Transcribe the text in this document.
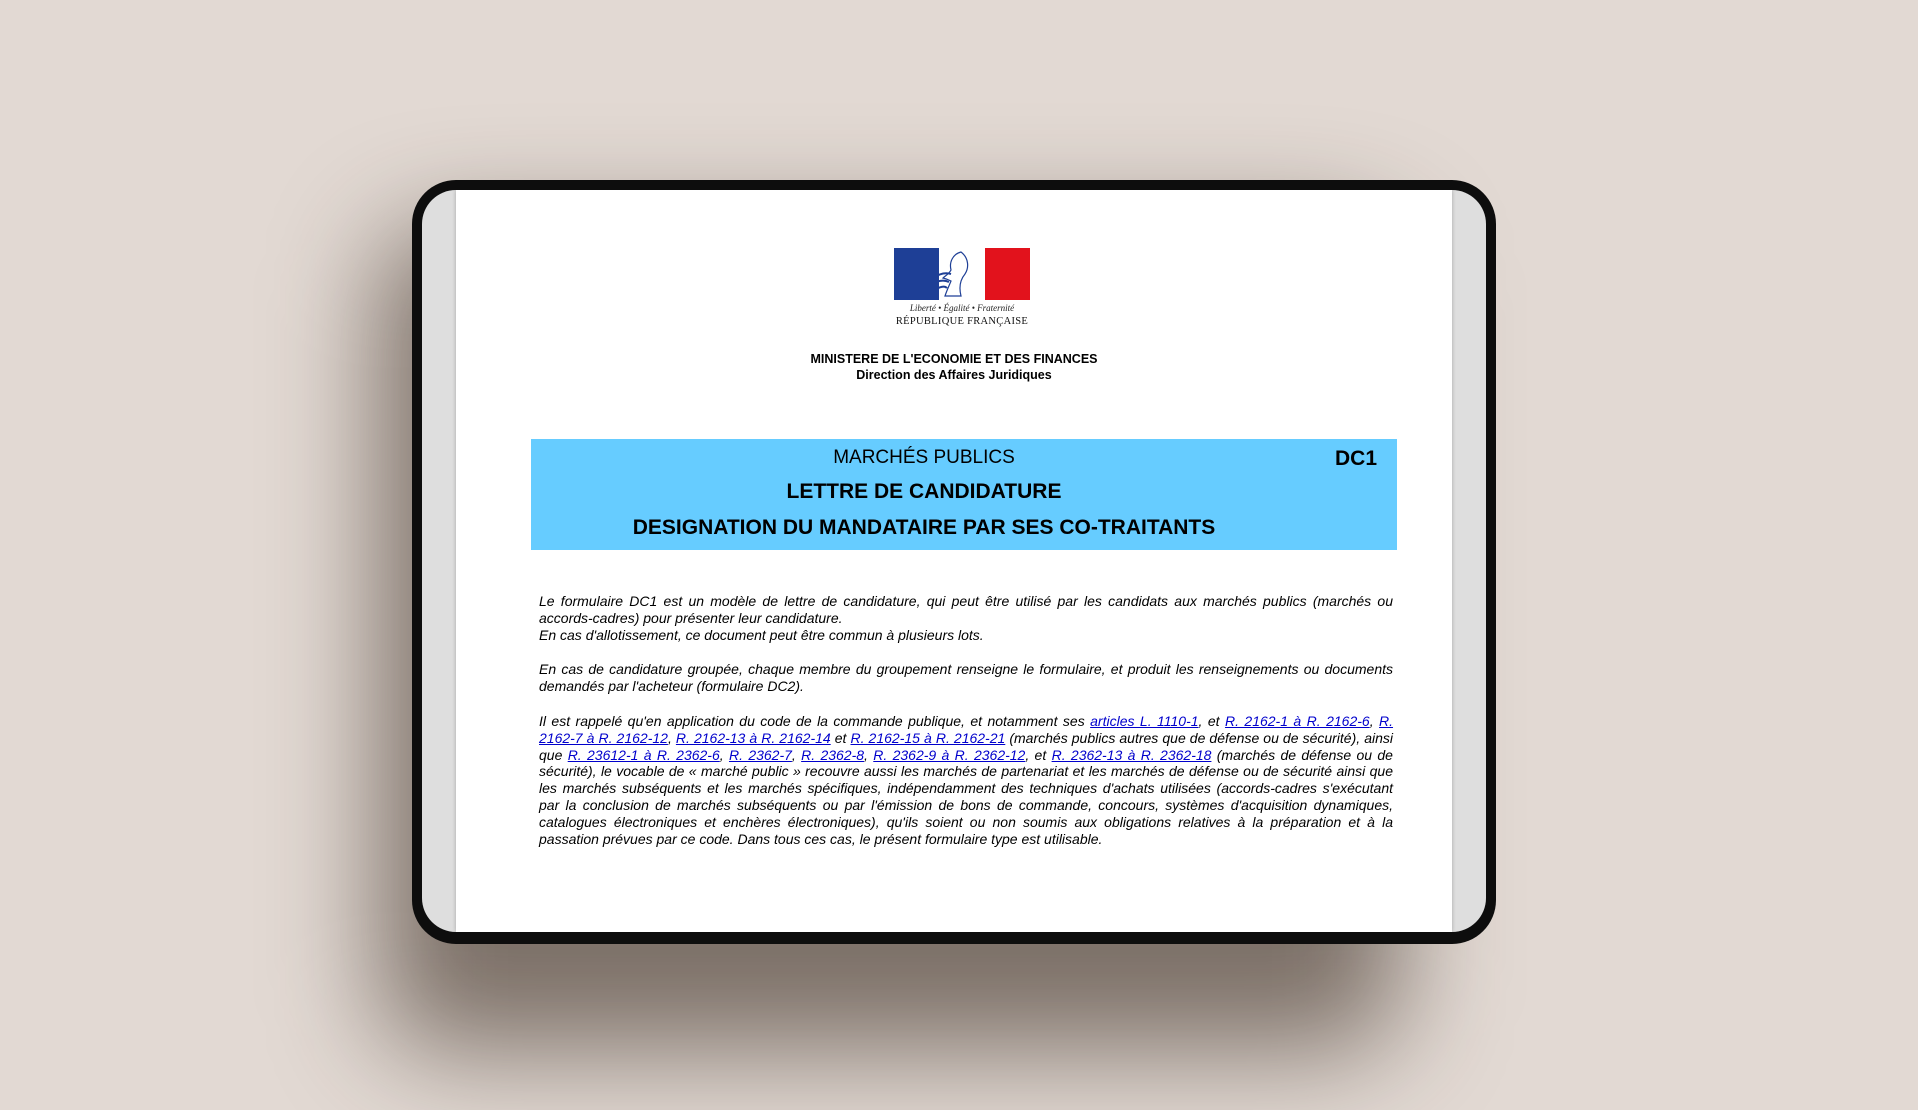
Liberté • Égalité • Fraternité
RÉPUBLIQUE FRANÇAISE
MINISTERE DE L'ECONOMIE ET DES FINANCES
Direction des Affaires Juridiques
MARCHÉS PUBLICS	DC1
LETTRE DE CANDIDATURE
DESIGNATION DU MANDATAIRE PAR SES CO-TRAITANTS

Le formulaire DC1 est un modèle de lettre de candidature, qui peut être utilisé par les candidats aux marchés publics (marchés ou accords-cadres) pour présenter leur candidature.
En cas d'allotissement, ce document peut être commun à plusieurs lots.

En cas de candidature groupée, chaque membre du groupement renseigne le formulaire, et produit les renseignements ou documents demandés par l'acheteur (formulaire DC2).

Il est rappelé qu'en application du code de la commande publique, et notamment ses articles L. 1110-1, et R. 2162-1 à R. 2162-6, R. 2162-7 à R. 2162-12, R. 2162-13 à R. 2162-14 et R. 2162-15 à R. 2162-21 (marchés publics autres que de défense ou de sécurité), ainsi que R. 23612-1 à R. 2362-6, R. 2362-7, R. 2362-8, R. 2362-9 à R. 2362-12, et R. 2362-13 à R. 2362-18 (marchés de défense ou de sécurité), le vocable de « marché public » recouvre aussi les marchés de partenariat et les marchés de défense ou de sécurité ainsi que les marchés subséquents et les marchés spécifiques, indépendamment des techniques d'achats utilisées (accords-cadres s'exécutant par la conclusion de marchés subséquents ou par l'émission de bons de commande, concours, systèmes d'acquisition dynamiques, catalogues électroniques et enchères électroniques), qu'ils soient ou non soumis aux obligations relatives à la préparation et à la passation prévues par ce code. Dans tous ces cas, le présent formulaire type est utilisable.
